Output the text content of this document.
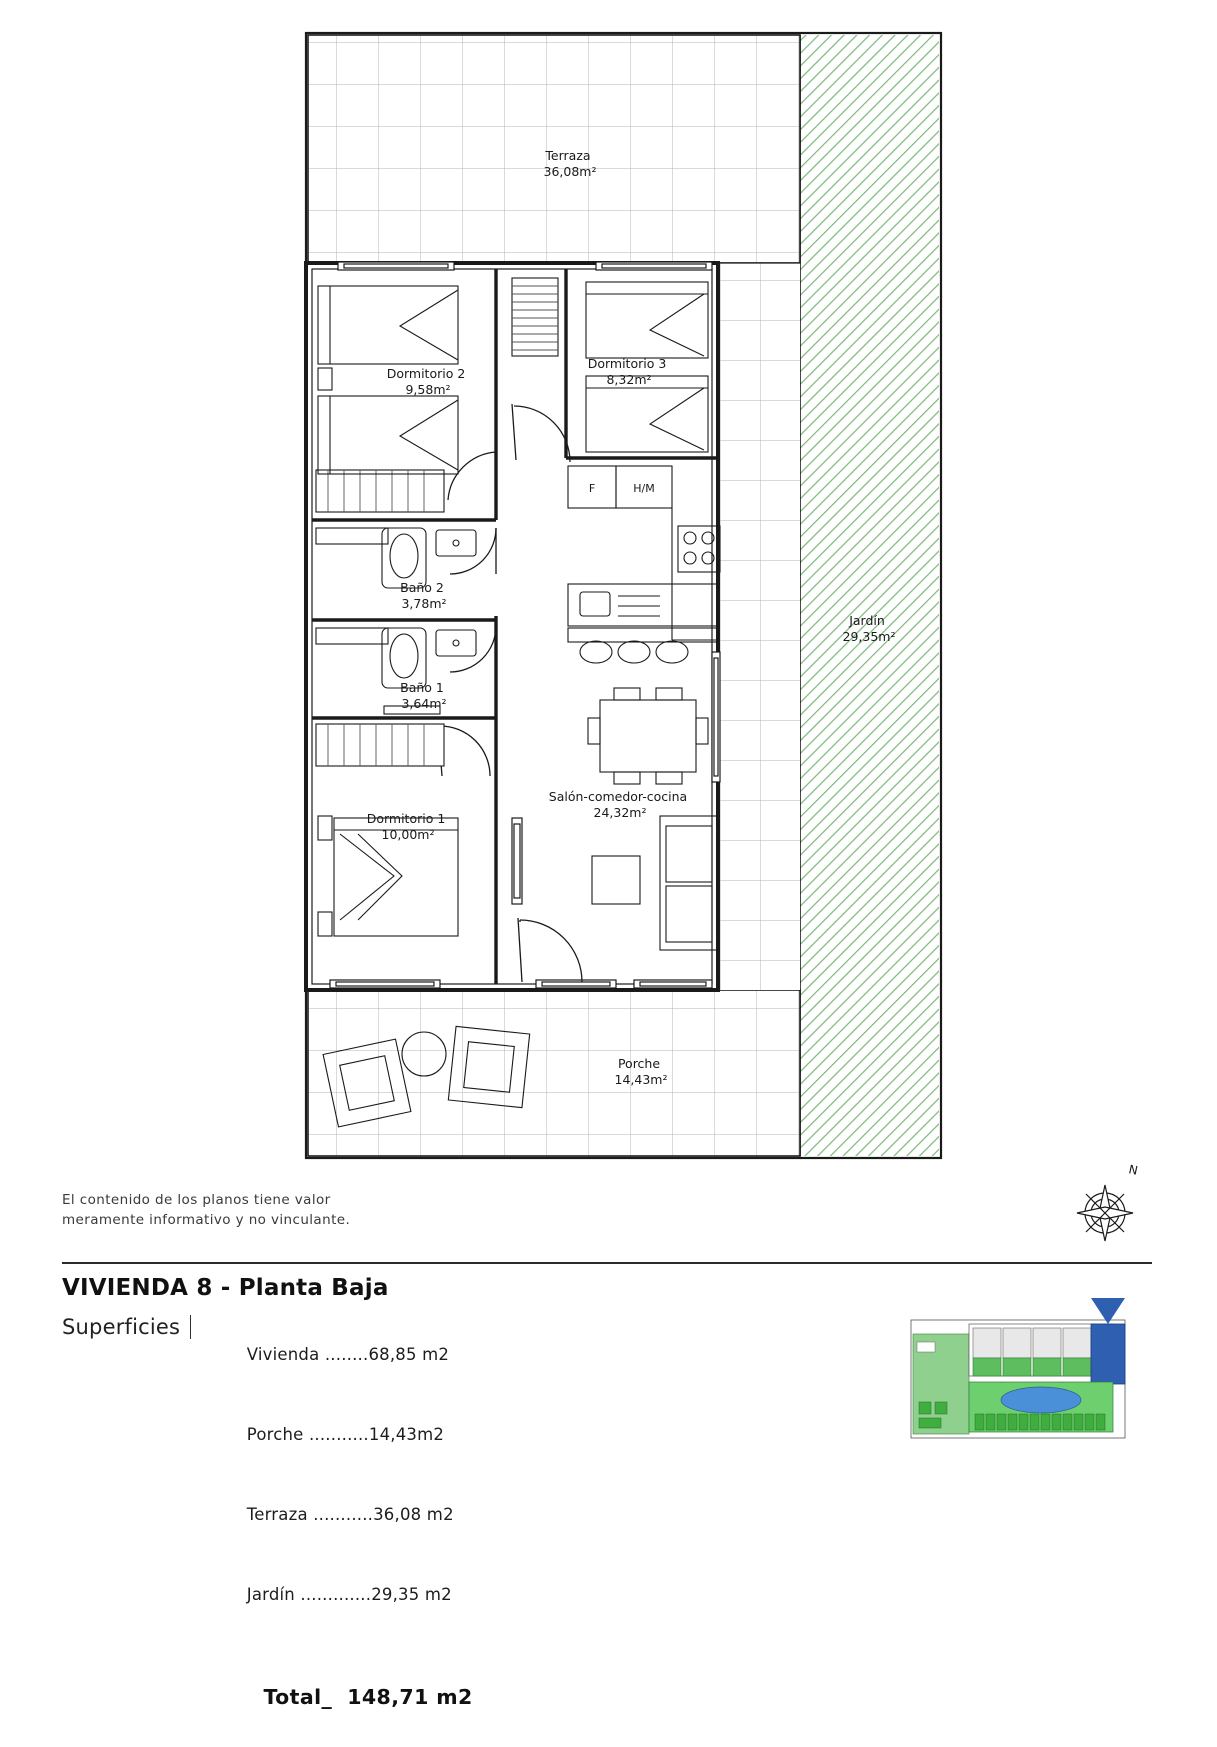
Terraza 36,08m²
Dormitorio 2 9,58m²
Dormitorio 3 8,32m²
Baño 2 3,78m²
Baño 1 3,64m²
Dormitorio 1 10,00m²
Salón-comedor-cocina 24,32m²
Jardín 29,35m²
Porche 14,43m²
F	H/M
El contenido de los planos tiene valor
meramente informativo y no vinculante.
N
VIVIENDA 8 - Planta Baja
Superficies

Vivienda ........68,85 m2

Porche ...........14,43m2

Terraza ...........36,08 m2

Jardín .............29,35 m2

Total_ 148,71 m2
